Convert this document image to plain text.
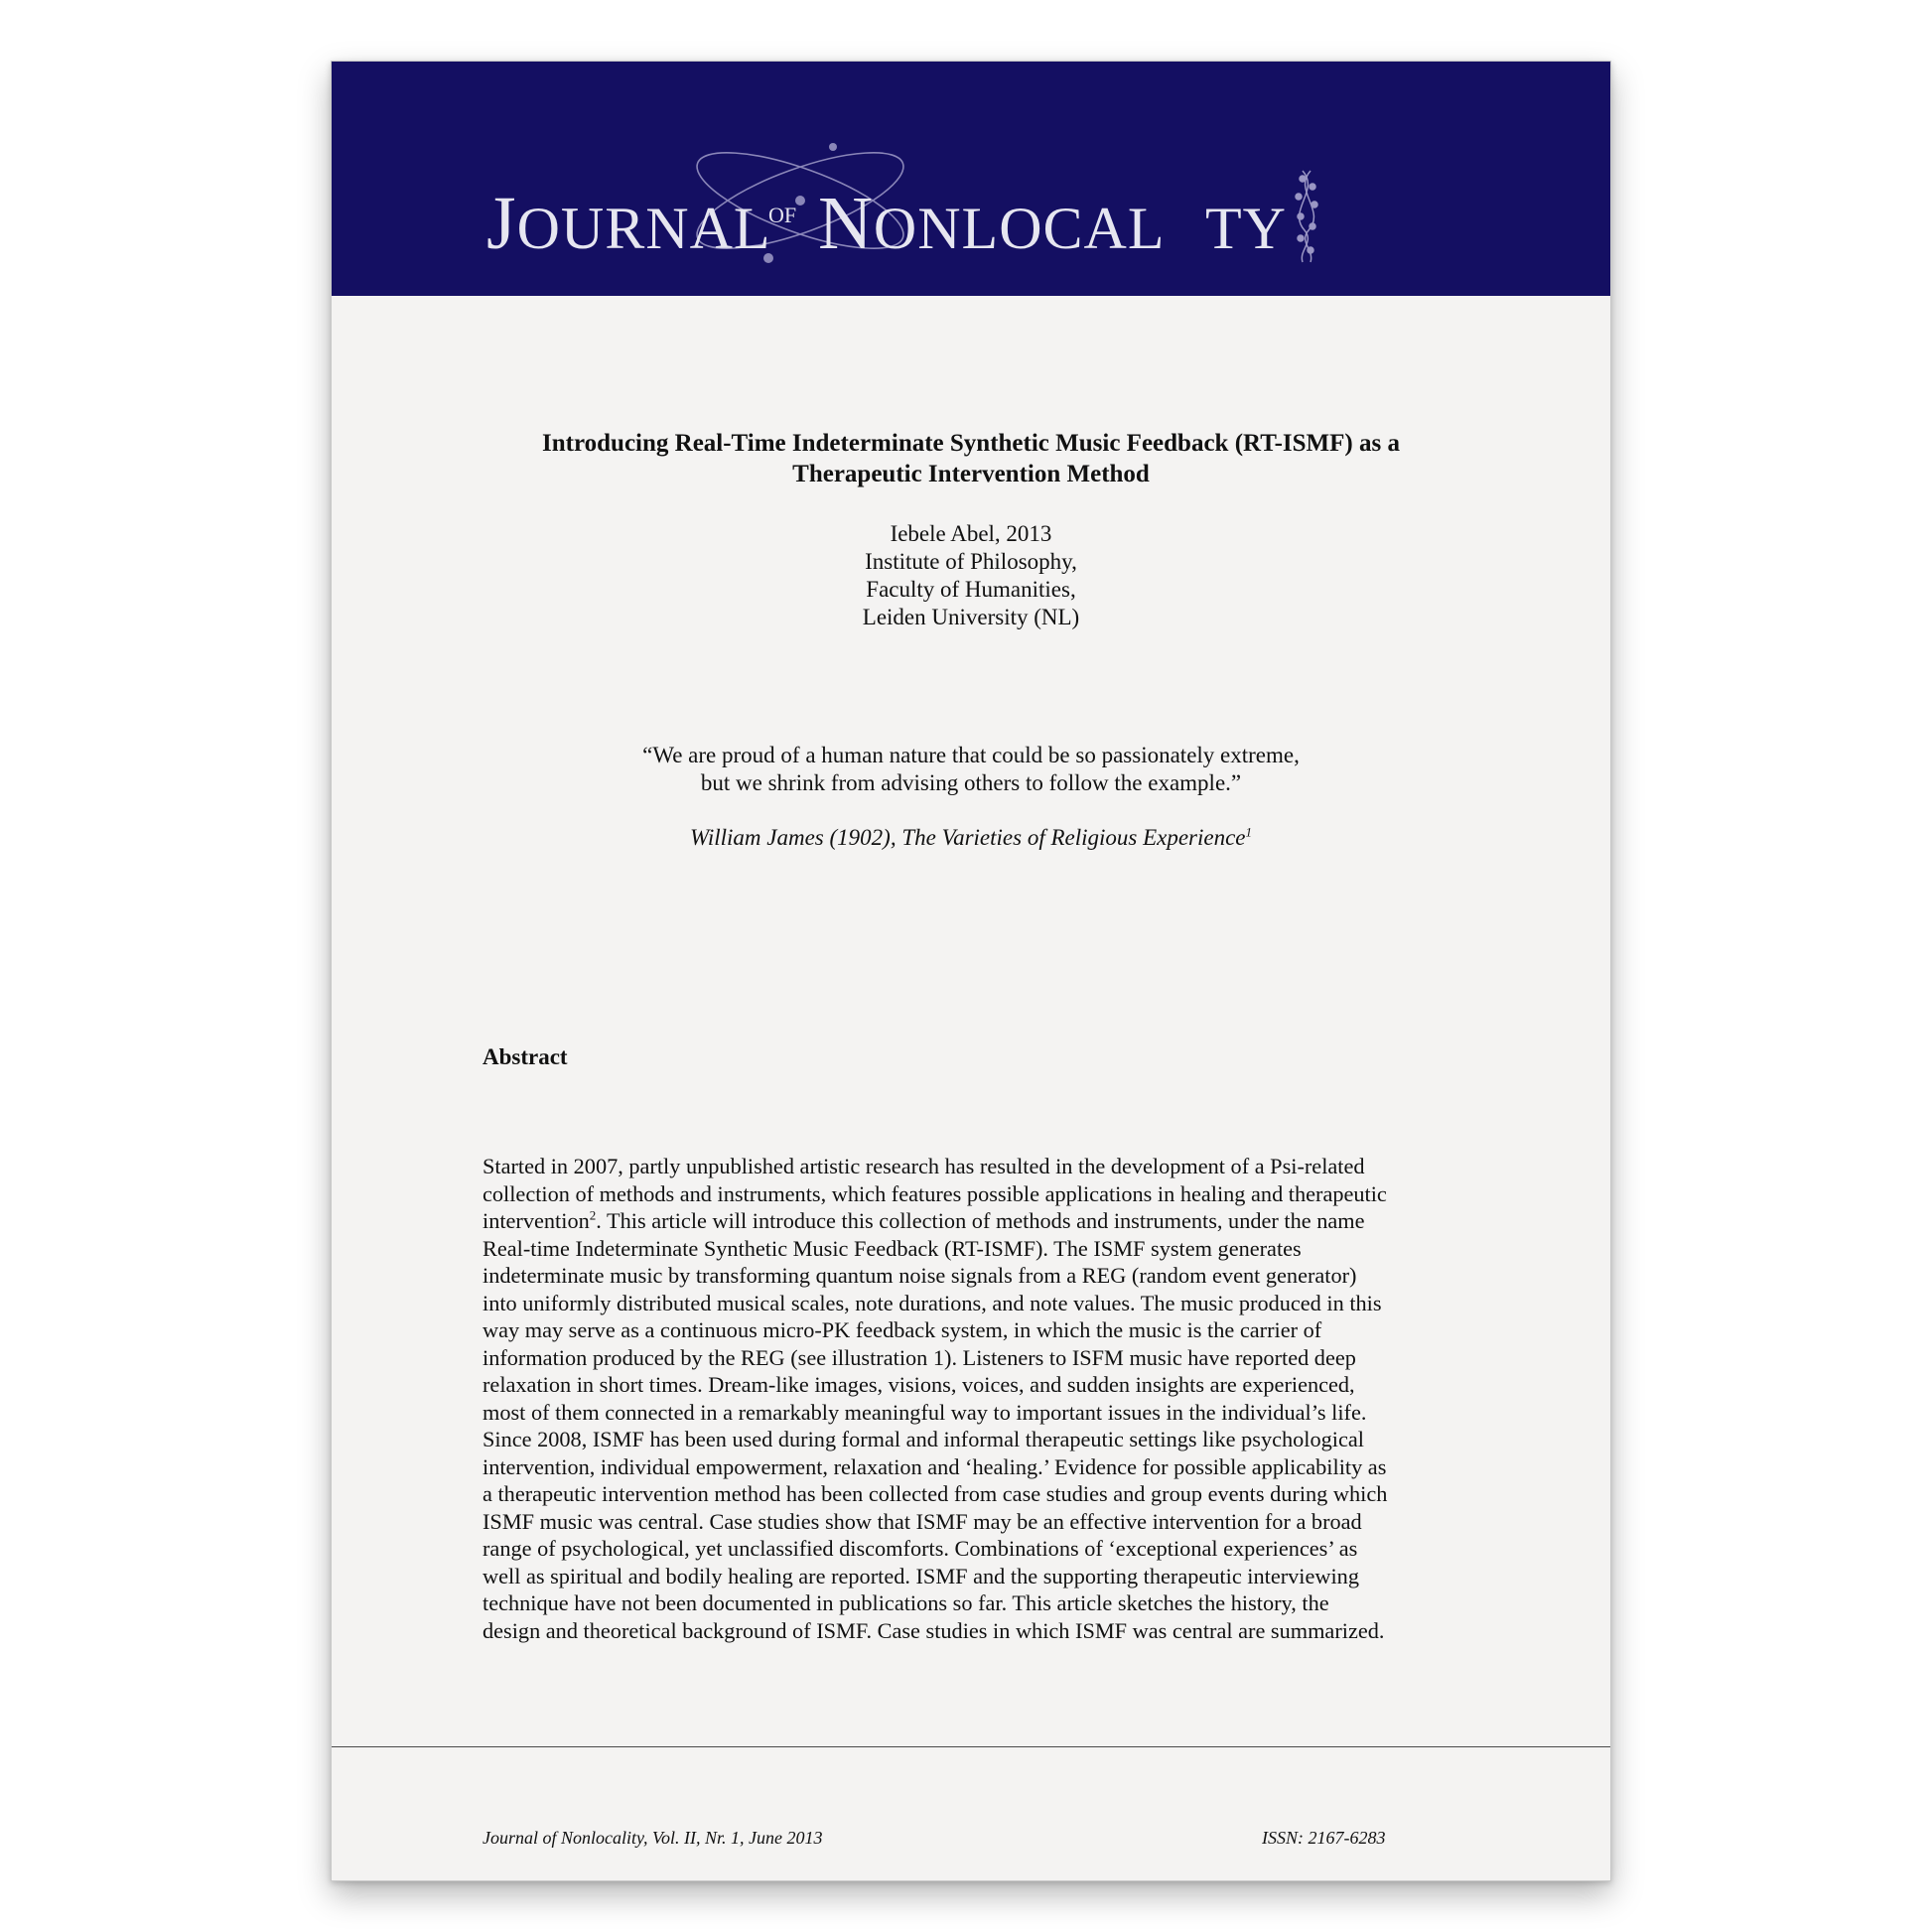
JOURNAL
OF NONLOCAL TY
Introducing Real-Time Indeterminate Synthetic Music Feedback (RT-ISMF) as a
Therapeutic Intervention Method
Iebele Abel, 2013
Institute of Philosophy,
Faculty of Humanities,
Leiden University (NL)
“We are proud of a human nature that could be so passionately extreme,
but we shrink from advising others to follow the example.”
William James (1902), The Varieties of Religious Experience$^1$
Abstract
Started in 2007, partly unpublished artistic research has resulted in the development of a Psi-related
collection of methods and instruments, which features possible applications in healing and therapeutic
intervention$^2$. This article will introduce this collection of methods and instruments, under the name
Real-time Indeterminate Synthetic Music Feedback (RT-ISMF). The ISMF system generates
indeterminate music by transforming quantum noise signals from a REG (random event generator)
into uniformly distributed musical scales, note durations, and note values. The music produced in this
way may serve as a continuous micro-PK feedback system, in which the music is the carrier of
information produced by the REG (see illustration 1). Listeners to ISFM music have reported deep
relaxation in short times. Dream-like images, visions, voices, and sudden insights are experienced,
most of them connected in a remarkably meaningful way to important issues in the individual’s life.
Since 2008, ISMF has been used during formal and informal therapeutic settings like psychological
intervention, individual empowerment, relaxation and ‘healing.’ Evidence for possible applicability as
a therapeutic intervention method has been collected from case studies and group events during which
ISMF music was central. Case studies show that ISMF may be an effective intervention for a broad
range of psychological, yet unclassified discomforts. Combinations of ‘exceptional experiences’ as
well as spiritual and bodily healing are reported. ISMF and the supporting therapeutic interviewing
technique have not been documented in publications so far. This article sketches the history, the
design and theoretical background of ISMF. Case studies in which ISMF was central are summarized.
Journal of Nonlocality, Vol. II, Nr. 1, June 2013	ISSN: 2167-6283
